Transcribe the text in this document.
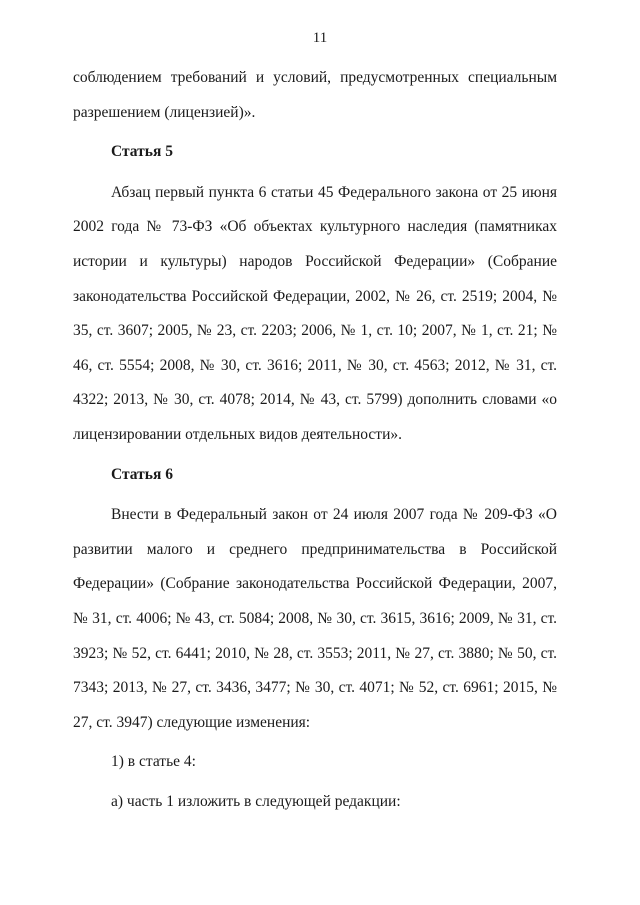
11

соблюдением требований и условий, предусмотренных специальным разрешением (лицензией)».

Статья 5

Абзац первый пункта 6 статьи 45 Федерального закона от 25 июня 2002 года № 73-ФЗ «Об объектах культурного наследия (памятниках истории и культуры) народов Российской Федерации» (Собрание законодательства Российской Федерации, 2002, № 26, ст. 2519; 2004, № 35, ст. 3607; 2005, № 23, ст. 2203; 2006, № 1, ст. 10; 2007, № 1, ст. 21; № 46, ст. 5554; 2008, № 30, ст. 3616; 2011, № 30, ст. 4563; 2012, № 31, ст. 4322; 2013, № 30, ст. 4078; 2014, № 43, ст. 5799) дополнить словами «о лицензировании отдельных видов деятельности».

Статья 6

Внести в Федеральный закон от 24 июля 2007 года № 209-ФЗ «О развитии малого и среднего предпринимательства в Российской Федерации» (Собрание законодательства Российской Федерации, 2007, № 31, ст. 4006; № 43, ст. 5084; 2008, № 30, ст. 3615, 3616; 2009, № 31, ст. 3923; № 52, ст. 6441; 2010, № 28, ст. 3553; 2011, № 27, ст. 3880; № 50, ст. 7343; 2013, № 27, ст. 3436, 3477; № 30, ст. 4071; № 52, ст. 6961; 2015, № 27, ст. 3947) следующие изменения:

1) в статье 4:

а) часть 1 изложить в следующей редакции:
